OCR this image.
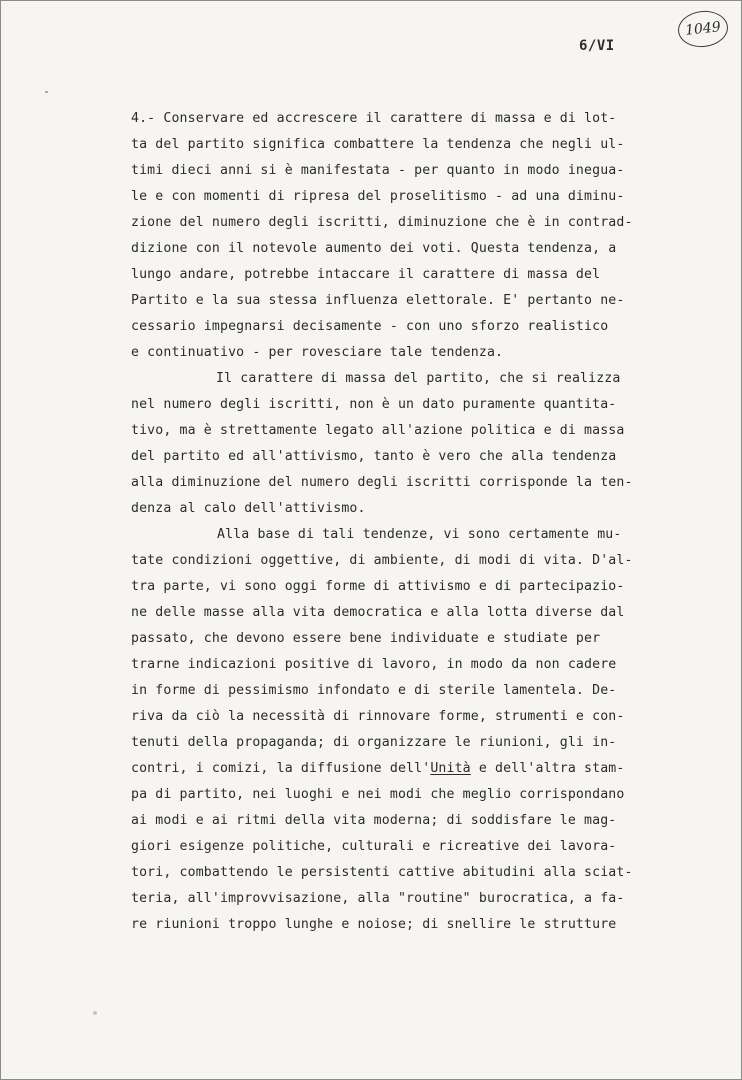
1049
6/VI
4.- Conservare ed accrescere il carattere di massa e di lot-
ta del partito significa combattere la tendenza che negli ul-
timi dieci anni si è manifestata - per quanto in modo inegua-
le e con momenti di ripresa del proselitismo - ad una diminu-
zione del numero degli iscritti, diminuzione che è in contrad-
dizione con il notevole aumento dei voti. Questa tendenza, a
lungo andare, potrebbe intaccare il carattere di massa del
Partito e la sua stessa influenza elettorale. E' pertanto ne-
cessario impegnarsi decisamente - con uno sforzo realistico
e continuativo - per rovesciare tale tendenza.
Il carattere di massa del partito, che si realizza
nel numero degli iscritti, non è un dato puramente quantita-
tivo, ma è strettamente legato all'azione politica e di massa
del partito ed all'attivismo, tanto è vero che alla tendenza
alla diminuzione del numero degli iscritti corrisponde la ten-
denza al calo dell'attivismo.
Alla base di tali tendenze, vi sono certamente mu-
tate condizioni oggettive, di ambiente, di modi di vita. D'al-
tra parte, vi sono oggi forme di attivismo e di partecipazio-
ne delle masse alla vita democratica e alla lotta diverse dal
passato, che devono essere bene individuate e studiate per
trarne indicazioni positive di lavoro, in modo da non cadere
in forme di pessimismo infondato e di sterile lamentela. De-
riva da ciò la necessità di rinnovare forme, strumenti e con-
tenuti della propaganda; di organizzare le riunioni, gli in-
contri, i comizi, la diffusione dell'Unità e dell'altra stam-
pa di partito, nei luoghi e nei modi che meglio corrispondano
ai modi e ai ritmi della vita moderna; di soddisfare le mag-
giori esigenze politiche, culturali e ricreative dei lavora-
tori, combattendo le persistenti cattive abitudini alla sciat-
teria, all'improvvisazione, alla "routine" burocratica, a fa-
re riunioni troppo lunghe e noiose; di snellire le strutture
